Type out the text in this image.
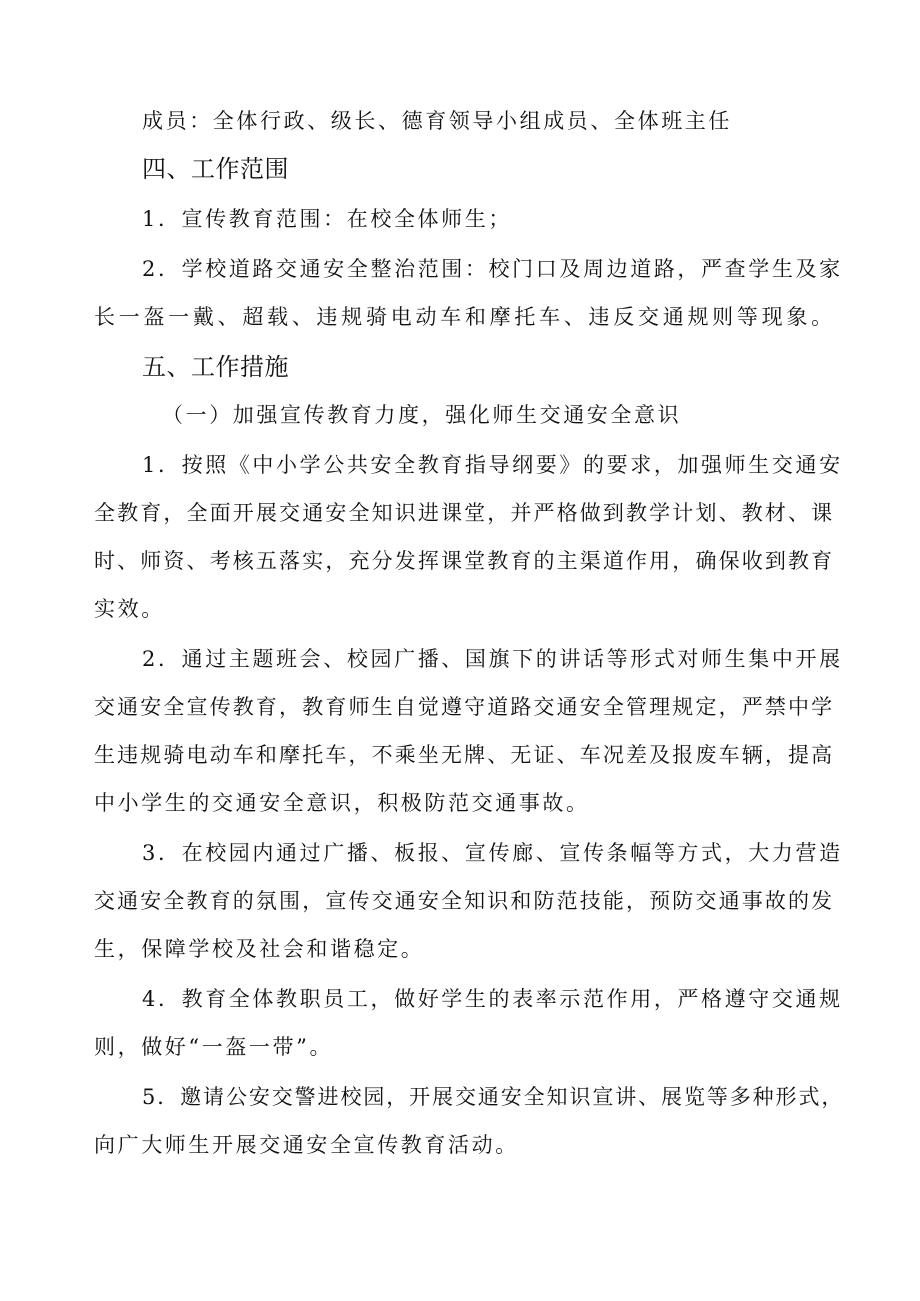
成员：全体行政、级长、德育领导小组成员、全体班主任
四、工作范围
1．宣传教育范围：在校全体师生；
2．学校道路交通安全整治范围：校门口及周边道路，严查学生及家
长一盔一戴、超载、违规骑电动车和摩托车、违反交通规则等现象。
五、工作措施
（一）加强宣传教育力度，强化师生交通安全意识
1．按照《中小学公共安全教育指导纲要》的要求，加强师生交通安
全教育，全面开展交通安全知识进课堂，并严格做到教学计划、教材、课
时、师资、考核五落实，充分发挥课堂教育的主渠道作用，确保收到教育
实效。
2．通过主题班会、校园广播、国旗下的讲话等形式对师生集中开展
交通安全宣传教育，教育师生自觉遵守道路交通安全管理规定，严禁中学
生违规骑电动车和摩托车，不乘坐无牌、无证、车况差及报废车辆，提高
中小学生的交通安全意识，积极防范交通事故。
3．在校园内通过广播、板报、宣传廊、宣传条幅等方式，大力营造
交通安全教育的氛围，宣传交通安全知识和防范技能，预防交通事故的发
生，保障学校及社会和谐稳定。
4．教育全体教职员工，做好学生的表率示范作用，严格遵守交通规
则，做好“一盔一带”。
5．邀请公安交警进校园，开展交通安全知识宣讲、展览等多种形式，
向广大师生开展交通安全宣传教育活动。
